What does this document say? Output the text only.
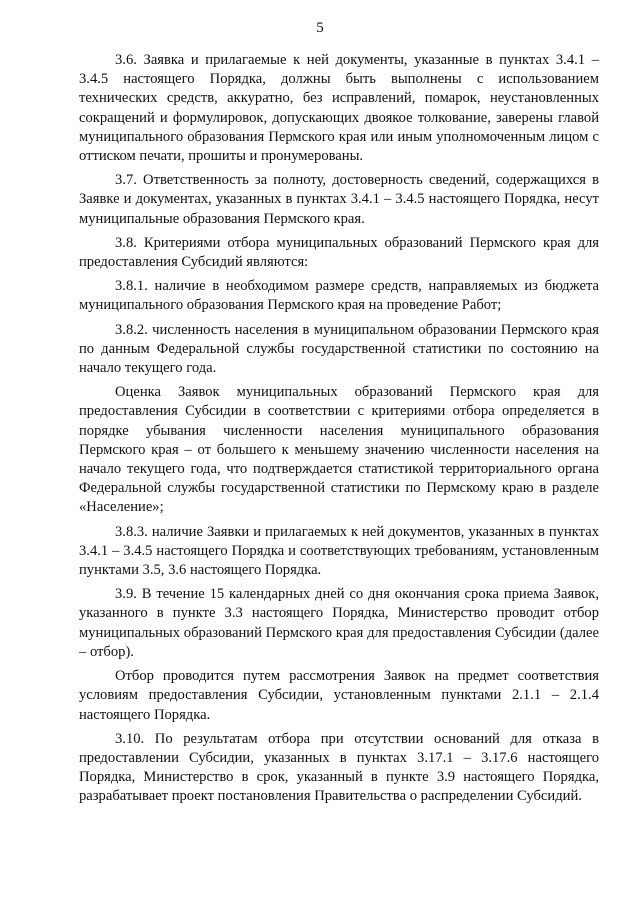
5

3.6. Заявка и прилагаемые к ней документы, указанные в пунктах 3.4.1 – 3.4.5 настоящего Порядка, должны быть выполнены с использованием технических средств, аккуратно, без исправлений, помарок, неустановленных сокращений и формулировок, допускающих двоякое толкование, заверены главой муниципального образования Пермского края или иным уполномоченным лицом с оттиском печати, прошиты и пронумерованы.

3.7. Ответственность за полноту, достоверность сведений, содержащихся в Заявке и документах, указанных в пунктах 3.4.1 – 3.4.5 настоящего Порядка, несут муниципальные образования Пермского края.

3.8. Критериями отбора муниципальных образований Пермского края для предоставления Субсидий являются:

3.8.1. наличие в необходимом размере средств, направляемых из бюджета муниципального образования Пермского края на проведение Работ;

3.8.2. численность населения в муниципальном образовании Пермского края по данным Федеральной службы государственной статистики по состоянию на начало текущего года.

Оценка Заявок муниципальных образований Пермского края для предоставления Субсидии в соответствии с критериями отбора определяется в порядке убывания численности населения муниципального образования Пермского края – от большего к меньшему значению численности населения на начало текущего года, что подтверждается статистикой территориального органа Федеральной службы государственной статистики по Пермскому краю в разделе «Население»;

3.8.3. наличие Заявки и прилагаемых к ней документов, указанных в пунктах 3.4.1 – 3.4.5 настоящего Порядка и соответствующих требованиям, установленным пунктами 3.5, 3.6 настоящего Порядка.

3.9. В течение 15 календарных дней со дня окончания срока приема Заявок, указанного в пункте 3.3 настоящего Порядка, Министерство проводит отбор муниципальных образований Пермского края для предоставления Субсидии (далее – отбор).

Отбор проводится путем рассмотрения Заявок на предмет соответствия условиям предоставления Субсидии, установленным пунктами 2.1.1 – 2.1.4 настоящего Порядка.

3.10. По результатам отбора при отсутствии оснований для отказа в предоставлении Субсидии, указанных в пунктах 3.17.1 – 3.17.6 настоящего Порядка, Министерство в срок, указанный в пункте 3.9 настоящего Порядка, разрабатывает проект постановления Правительства о распределении Субсидий.
